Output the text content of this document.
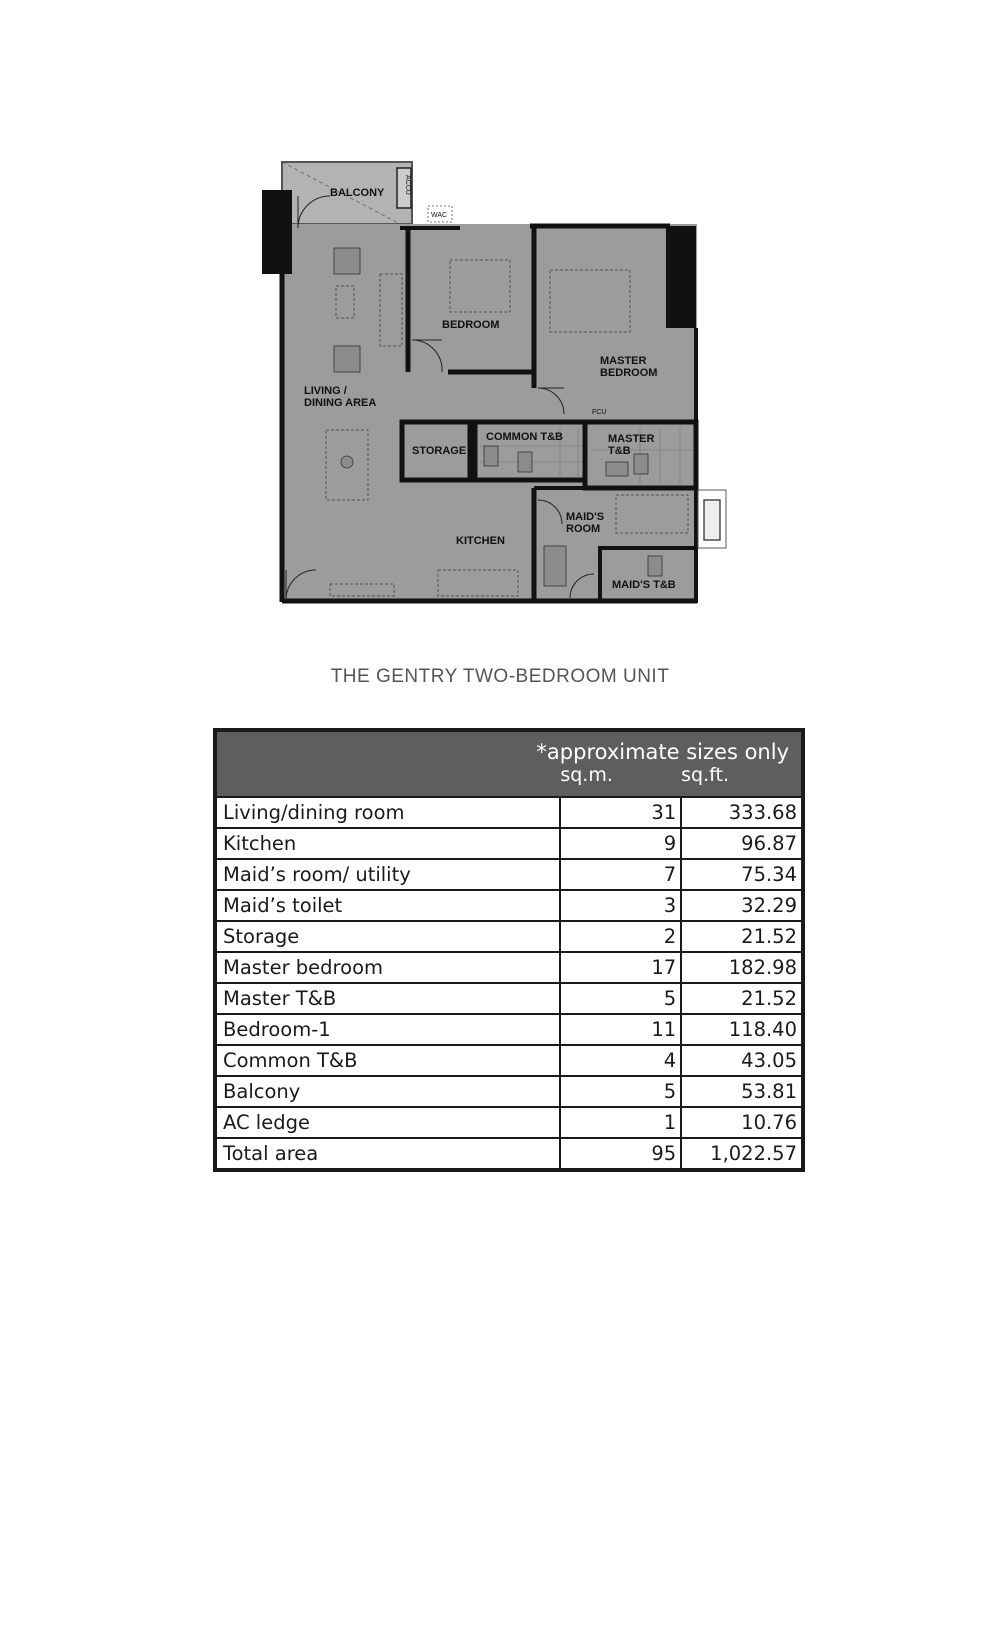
ACCU
WAC
BALCONY
BEDROOM
MASTER BEDROOM
LIVING / DINING AREA
STORAGE
COMMON T&B	MASTER T&B
MAID'S ROOM
KITCHEN
MAID'S T&B
FCU
THE GENTRY TWO-BEDROOM UNIT
*approximate sizes only		
	sq.m.	sq.ft.
Living/dining room	31	333.68
Kitchen	9	96.87
Maid’s room/ utility	7	75.34
Maid’s toilet	3	32.29
Storage	2	21.52
Master bedroom	17	182.98
Master T&B	5	21.52
Bedroom-1	11	118.40
Common T&B	4	43.05
Balcony	5	53.81
AC ledge	1	10.76
Total area	95	1,022.57
